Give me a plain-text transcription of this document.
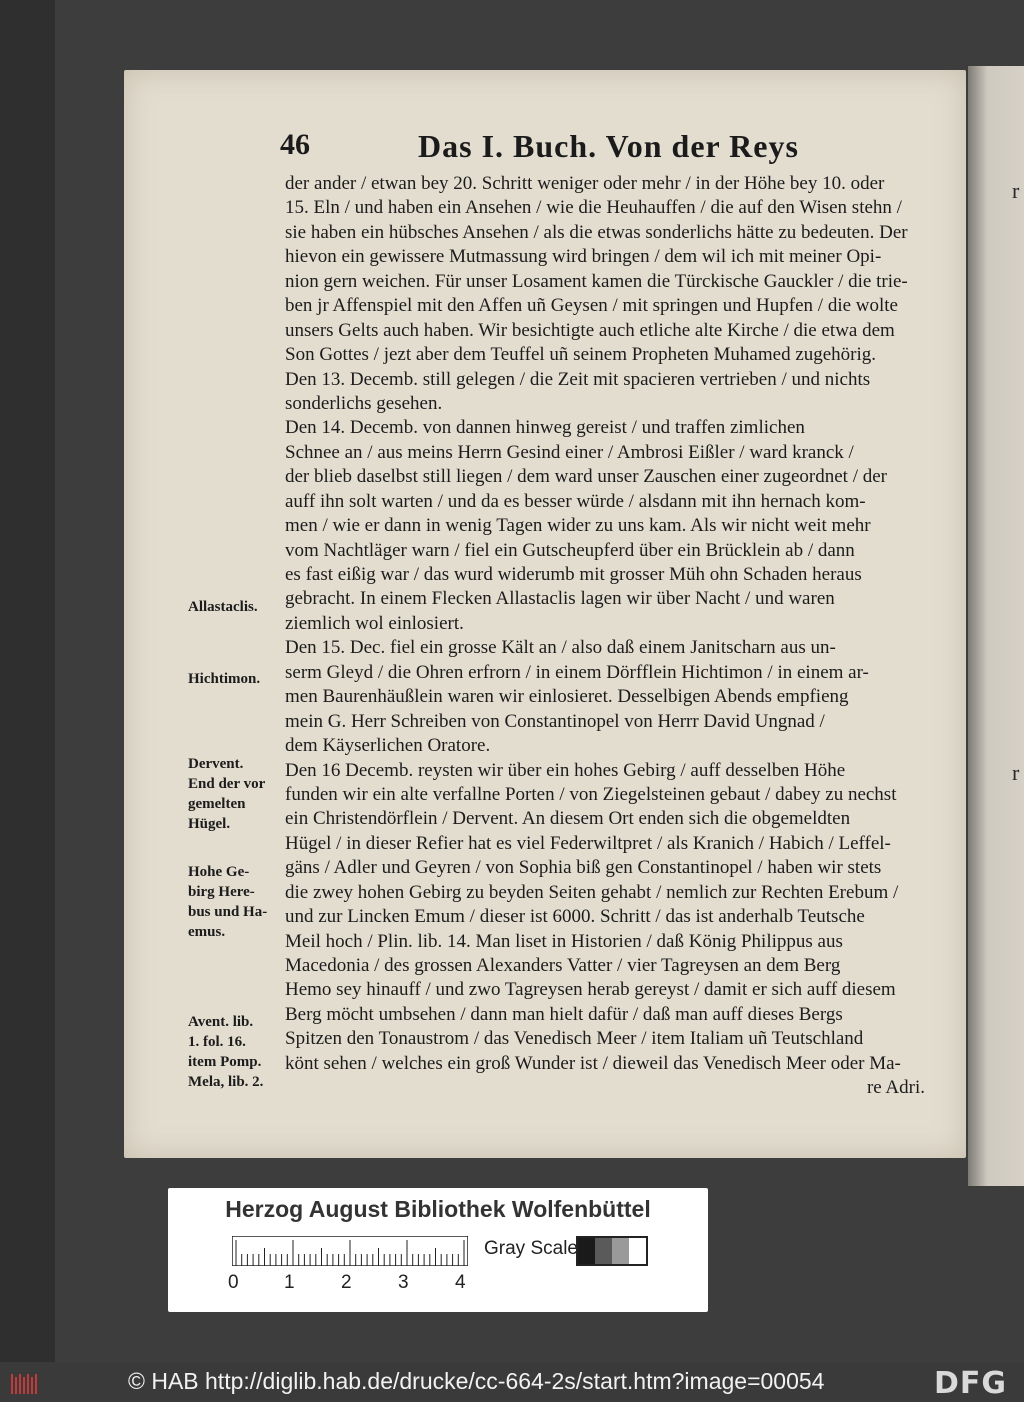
r
r
46	Das I. Buch. Von der Reys
der ander / etwan bey 20. Schritt weniger oder mehr / in der Höhe bey 10. oder
15. Eln / und haben ein Ansehen / wie die Heuhauffen / die auf den Wisen stehn /
sie haben ein hübsches Ansehen / als die etwas sonderlichs hätte zu bedeuten. Der
hievon ein gewissere Mutmassung wird bringen / dem wil ich mit meiner Opi-
nion gern weichen. Für unser Losament kamen die Türckische Gauckler / die trie-
ben jr Affenspiel mit den Affen uñ Geysen / mit springen und Hupfen / die wolte
unsers Gelts auch haben. Wir besichtigte auch etliche alte Kirche / die etwa dem
Son Gottes / jezt aber dem Teuffel uñ seinem Propheten Muhamed zugehörig.
Den 13. Decemb. still gelegen / die Zeit mit spacieren vertrieben / und nichts
sonderlichs gesehen.
Den 14. Decemb. von dannen hinweg gereist / und traffen zimlichen
Schnee an / aus meins Herrn Gesind einer / Ambrosi Eißler / ward kranck /
der blieb daselbst still liegen / dem ward unser Zauschen einer zugeordnet / der
auff ihn solt warten / und da es besser würde / alsdann mit ihn hernach kom-
men / wie er dann in wenig Tagen wider zu uns kam. Als wir nicht weit mehr
vom Nachtläger warn / fiel ein Gutscheupferd über ein Brücklein ab / dann
es fast eißig war / das wurd widerumb mit grosser Müh ohn Schaden heraus
gebracht. In einem Flecken Allastaclis lagen wir über Nacht / und waren
ziemlich wol einlosiert.
Den 15. Dec. fiel ein grosse Kält an / also daß einem Janitscharn aus un-
serm Gleyd / die Ohren erfrorn / in einem Dörfflein Hichtimon / in einem ar-
men Baurenhäußlein waren wir einlosieret. Desselbigen Abends empfieng
mein G. Herr Schreiben von Constantinopel von Herrr David Ungnad /
dem Käyserlichen Oratore.
Den 16 Decemb. reysten wir über ein hohes Gebirg / auff desselben Höhe
funden wir ein alte verfallne Porten / von Ziegelsteinen gebaut / dabey zu nechst
ein Christendörflein / Dervent. An diesem Ort enden sich die obgemeldten
Hügel / in dieser Refier hat es viel Federwiltpret / als Kranich / Habich / Leffel-
gäns / Adler und Geyren / von Sophia biß gen Constantinopel / haben wir stets
die zwey hohen Gebirg zu beyden Seiten gehabt / nemlich zur Rechten Erebum /
und zur Lincken Emum / dieser ist 6000. Schritt / das ist anderhalb Teutsche
Meil hoch / Plin. lib. 14. Man liset in Historien / daß König Philippus aus
Macedonia / des grossen Alexanders Vatter / vier Tagreysen an dem Berg
Hemo sey hinauff / und zwo Tagreysen herab gereyst / damit er sich auff diesem
Berg möcht umbsehen / dann man hielt dafür / daß man auff dieses Bergs
Spitzen den Tonaustrom / das Venedisch Meer / item Italiam uñ Teutschland
könt sehen / welches ein groß Wunder ist / dieweil das Venedisch Meer oder Ma-
re Adri.
Allastaclis.
Hichtimon.
Dervent.
End der vor
gemelten
Hügel.
Hohe Ge-
birg Here-
bus und Ha-
emus.
Avent. lib.
1. fol. 16.
item Pomp.
Mela, lib. 2.
Herzog August Bibliothek Wolfenbüttel
Gray Scale
0 1 2 3 4
© HAB http://diglib.hab.de/drucke/cc-664-2s/start.htm?image=00054	DFG
